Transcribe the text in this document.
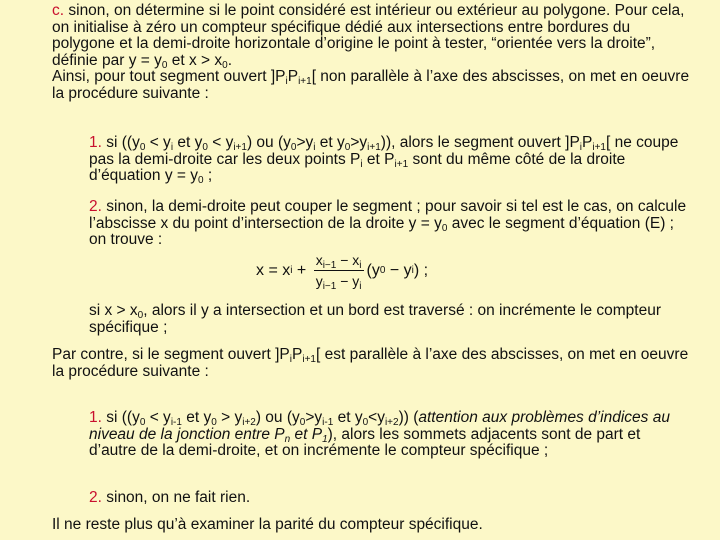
c. sinon, on détermine si le point considéré est intérieur ou extérieur au polygone. Pour cela, on initialise à zéro un compteur spécifique dédié aux intersections entre bordures du polygone et la demi-droite horizontale d’origine le point à tester, “orientée vers la droite”, définie par $y = y_0$ et $x > x_0$.
Ainsi, pour tout segment ouvert ]$P_iP_{i+1}$[ non parallèle à l’axe des abscisses, on met en oeuvre la procédure suivante :

1. si (($y_0 < y_i$ et $y_0 < y_{i+1}$) ou ($y_0>y_i$ et $y_0>y_{i+1}$)), alors le segment ouvert ]$P_iP_{i+1}$[ ne coupe pas la demi-droite car les deux points $P_i$ et $P_{i+1}$ sont du même côté de la droite d’équation $y = y_0$ ;

2. sinon, la demi-droite peut couper le segment ; pour savoir si tel est le cas, on calcule l’abscisse x du point d’intersection de la droite $y = y_0$ avec le segment d’équation (E) ; on trouve :

x = x $i + \frac{x_{i-1} - x_i}{y_{i-1} - y_i} (y$ 0 − y i ) ;

si $x > x_0$, alors il y a intersection et un bord est traversé : on incrémente le compteur spécifique ;

Par contre, si le segment ouvert ]$P_iP_{i+1}$[ est parallèle à l’axe des abscisses, on met en oeuvre la procédure suivante :

1. si (($y_0 < y_{i-1}$ et $y_0 > y_{i+2}$) ou ($y_0>y_{i-1}$ et $y_0<y_{i+2}$)) (attention aux problèmes d’indices au niveau de la jonction entre $P_n$ et $P_1$), alors les sommets adjacents sont de part et d’autre de la demi-droite, et on incrémente le compteur spécifique ;

2. sinon, on ne fait rien.

Il ne reste plus qu’à examiner la parité du compteur spécifique.
